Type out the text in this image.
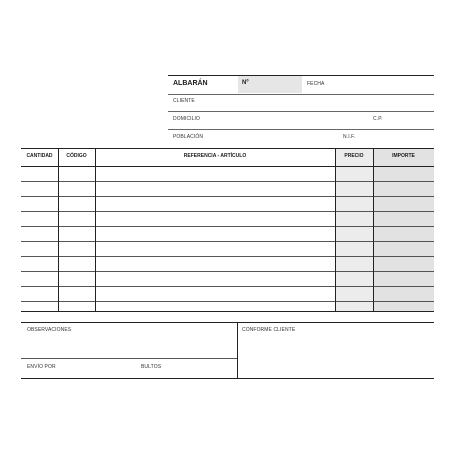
ALBARÁN	Nº	FECHA
CLIENTE
DOMICILIO	C.P.
POBLACIÓN	N.I.F.
CANTIDAD	CÓDIGO	REFERENCIA - ARTÍCULO	PRECIO	IMPORTE
OBSERVACIONES	CONFORME CLIENTE
ENVÍO POR	BULTOS
